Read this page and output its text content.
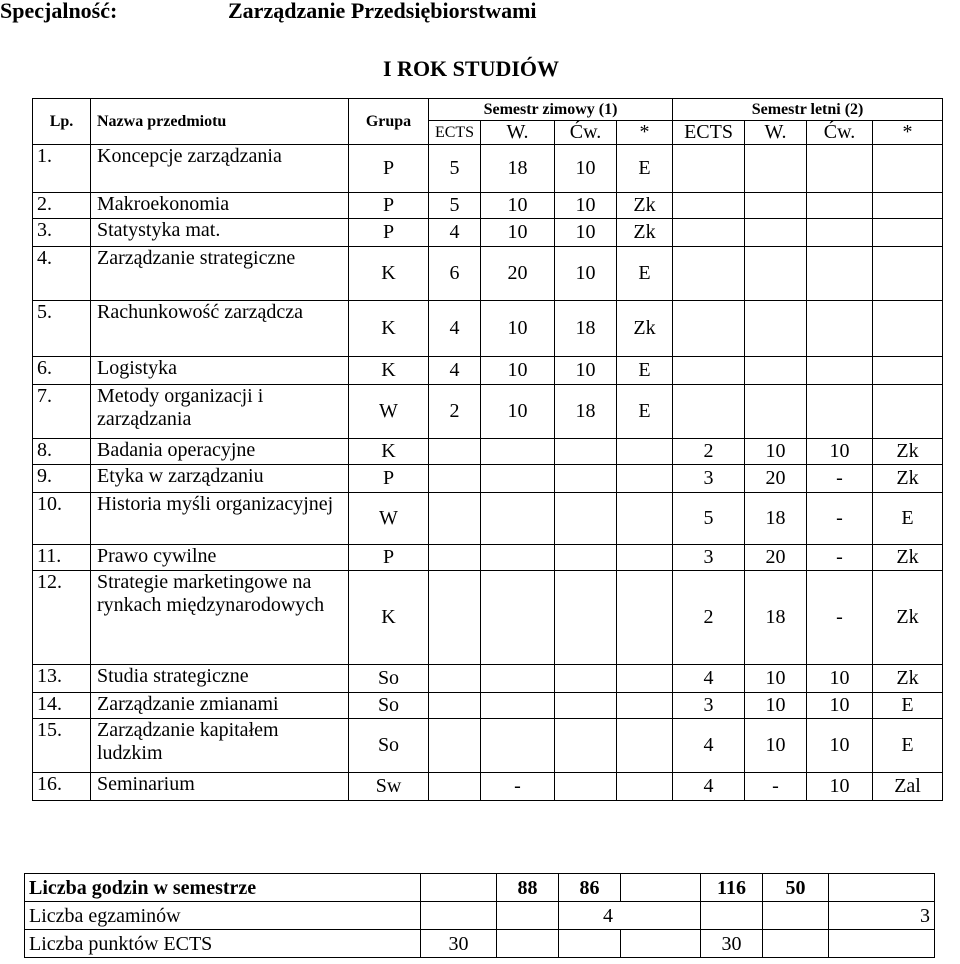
Specjalność:	Zarządzanie Przedsiębiorstwami
I ROK STUDIÓW
Lp.	Nazwa przedmiotu	Grupa	Semestr zimowy (1)				Semestr letni (2)			
			ECTS	W.	Ćw.	*	ECTS	W.	Ćw.	*
1.	Koncepcje zarządzania	P	5	18	10	E				
2.	Makroekonomia	P	5	10	10	Zk				
3.	Statystyka mat.	P	4	10	10	Zk				
4.	Zarządzanie strategiczne	K	6	20	10	E				
5.	Rachunkowość zarządcza	K	4	10	18	Zk				
6.	Logistyka	K	4	10	10	E				
7.	Metody organizacji i zarządzania	W	2	10	18	E				
8.	Badania operacyjne	K					2	10	10	Zk
9.	Etyka w zarządzaniu	P					3	20	-	Zk
10.	Historia myśli organizacyjnej	W					5	18	-	E
11.	Prawo cywilne	P					3	20	-	Zk
12.	Strategie marketingowe na rynkach międzynarodowych	K					2	18	-	Zk
13.	Studia strategiczne	So					4	10	10	Zk
14.	Zarządzanie zmianami	So					3	10	10	E
15.	Zarządzanie kapitałem ludzkim	So					4	10	10	E
16.	Seminarium	Sw		-			4	-	10	Zal
Liczba godzin w semestrze		88	86		116	50	
Liczba egzaminów			4				3
Liczba punktów ECTS	30				30		
